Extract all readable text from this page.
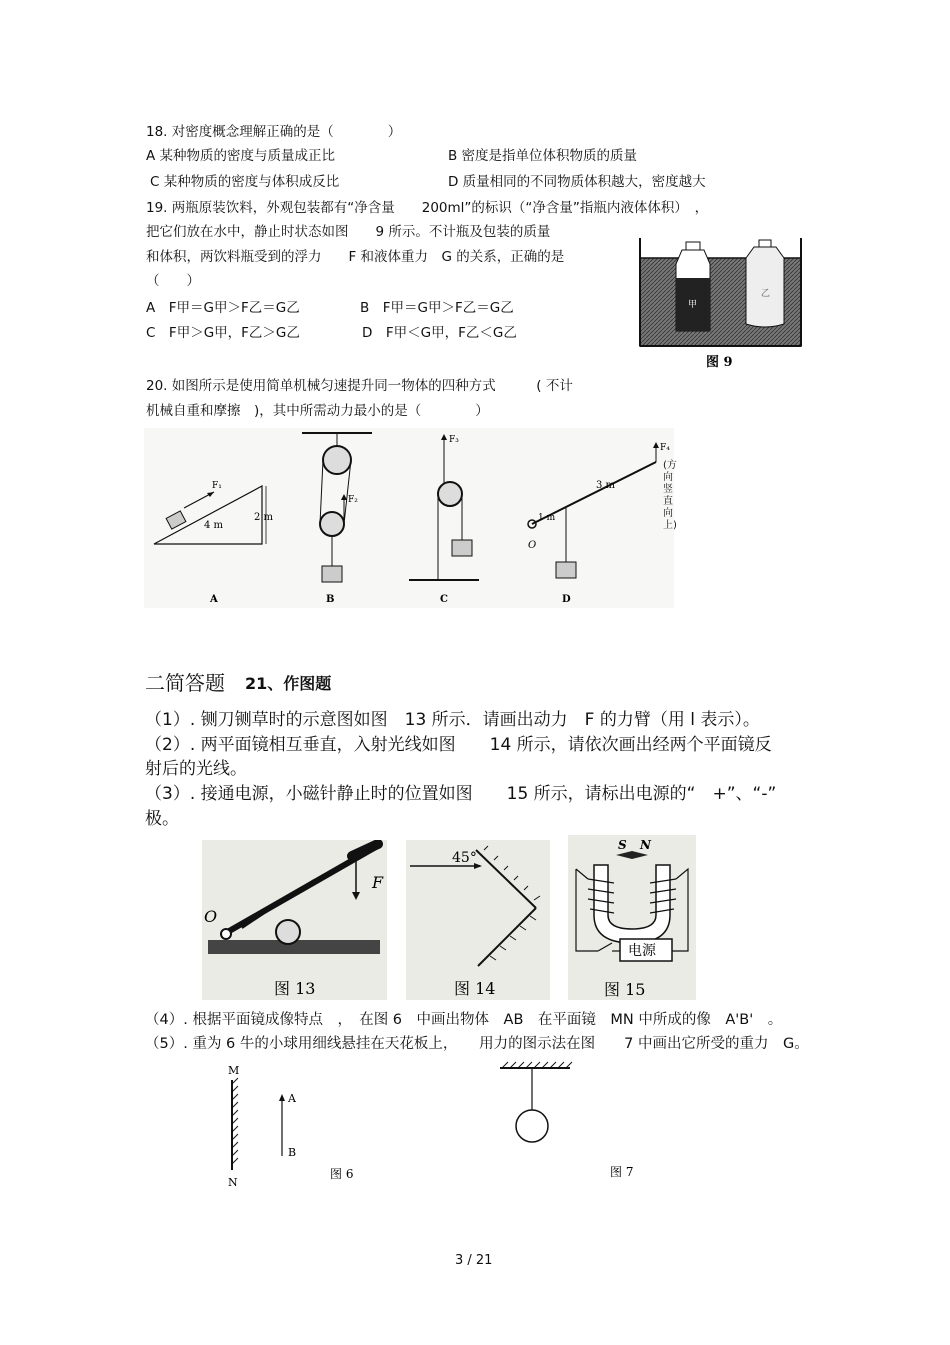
18. 对密度概念理解正确的是（　　　　）
A 某种物质的密度与质量成正比	B 密度是指单位体积物质的质量
C 某种物质的密度与体积成反比	D 质量相同的不同物质体积越大，密度越大
19. 两瓶原装饮料，外观包装都有“净含量　　200ml”的标识（“净含量”指瓶内液体体积）　，
把它们放在水中，静止时状态如图　　9 所示。不计瓶及包装的质量
和体积，两饮料瓶受到的浮力　　F 和液体重力　G 的关系，正确的是
（　　）
A　F甲＝G甲＞F乙＝G乙	B　F甲＝G甲＞F乙＝G乙
C　F甲＞G甲，F乙＞G乙	D　F甲＜G甲，F乙＜G乙
甲
乙
图 9
20. 如图所示是使用简单机械匀速提升同一物体的四种方式　　　( 不计
机械自重和摩擦　)，其中所需动力最小的是（　　　　）
F₁
4 m
2 m
A
F₂
B
F₃
C
O
1 m
3 m
F₄
D
(方向竖直向上)
二简答题 21、作图题
（1）. 铡刀铡草时的示意图如图　13 所示．请画出动力　F 的力臂（用 l 表示）。
（2）. 两平面镜相互垂直，入射光线如图　　14 所示，请依次画出经两个平面镜反
射后的光线。
（3）. 接通电源，小磁针静止时的位置如图　　15 所示，请标出电源的“　+”、“-”
极。
F
O
图 13
45°
图 14
S N
电源
图 15
（4）. 根据平面镜成像特点　，　在图 6　中画出物体　AB　在平面镜　MN 中所成的像　A'B'　。
（5）. 重为 6 牛的小球用细线悬挂在天花板上，　　用力的图示法在图　　7 中画出它所受的重力　G。
M
N
A
B
图 6	图 7
3 / 21
